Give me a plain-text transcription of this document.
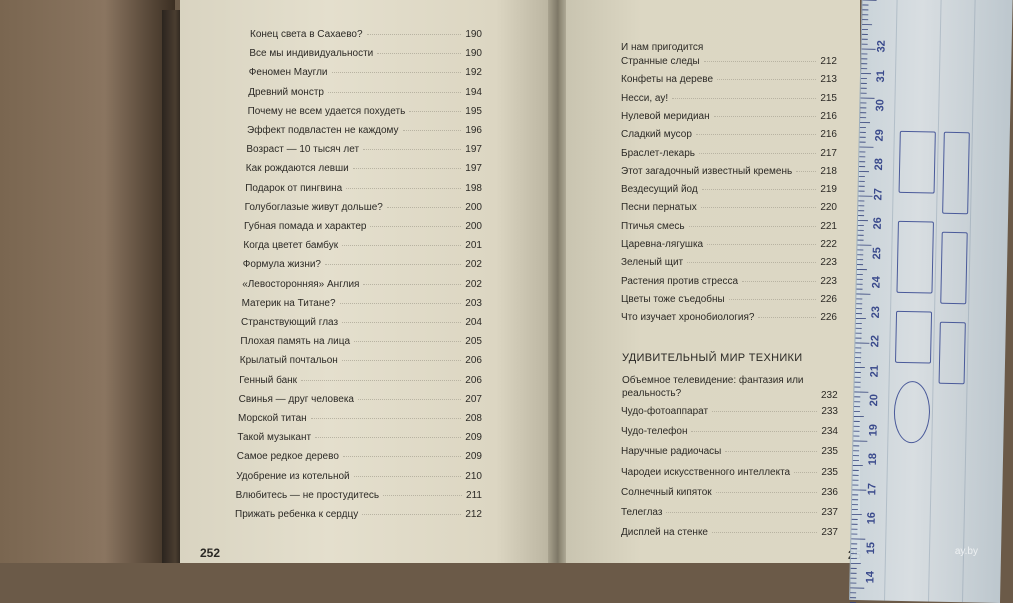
Конец света в Сахаево?	190
Все мы индивидуальности	190
Феномен Маугли	192
Древний монстр	194
Почему не всем удается похудеть	195
Эффект подвластен не каждому	196
Возраст — 10 тысяч лет	197
Как рождаются левши	197
Подарок от пингвина	198
Голубоглазые живут дольше?	200
Губная помада и характер	200
Когда цветет бамбук	201
Формула жизни?	202
«Левосторонняя» Англия	202
Материк на Титане?	203
Странствующий глаз	204
Плохая память на лица	205
Крылатый почтальон	206
Генный банк	206
Свинья — друг человека	207
Морской титан	208
Такой музыкант	209
Самое редкое дерево	209
Удобрение из котельной	210
Влюбитесь — не простудитесь	211
Прижать ребенка к сердцу	212
Странные следы	212
Конфеты на дереве	213
Несси, ау!	215
Нулевой меридиан	216
Сладкий мусор	216
Браслет-лекарь	217
Этот загадочный известный кремень	218
Вездесущий йод	219
Песни пернатых	220
Птичья смесь	221
Царевна-лягушка	222
Зеленый щит	223
Растения против стресса	223
Цветы тоже съедобны	226
Что изучает хронобиология?	226
И нам пригодится
УДИВИТЕЛЬНЫЙ МИР ТЕХНИКИ
Объемное телевидение: фантазия или
реальность?	232
Чудо-фотоаппарат	233
Чудо-телефон	234
Наручные радиочасы	235
Чародеи искусственного интеллекта	235
Солнечный кипяток	236
Телеглаз	237
Дисплей на стенке	237
252
32
31
30
29
28
27
26
25
24
23
22
21
20
19
18
17
16
15
14
ay.by
